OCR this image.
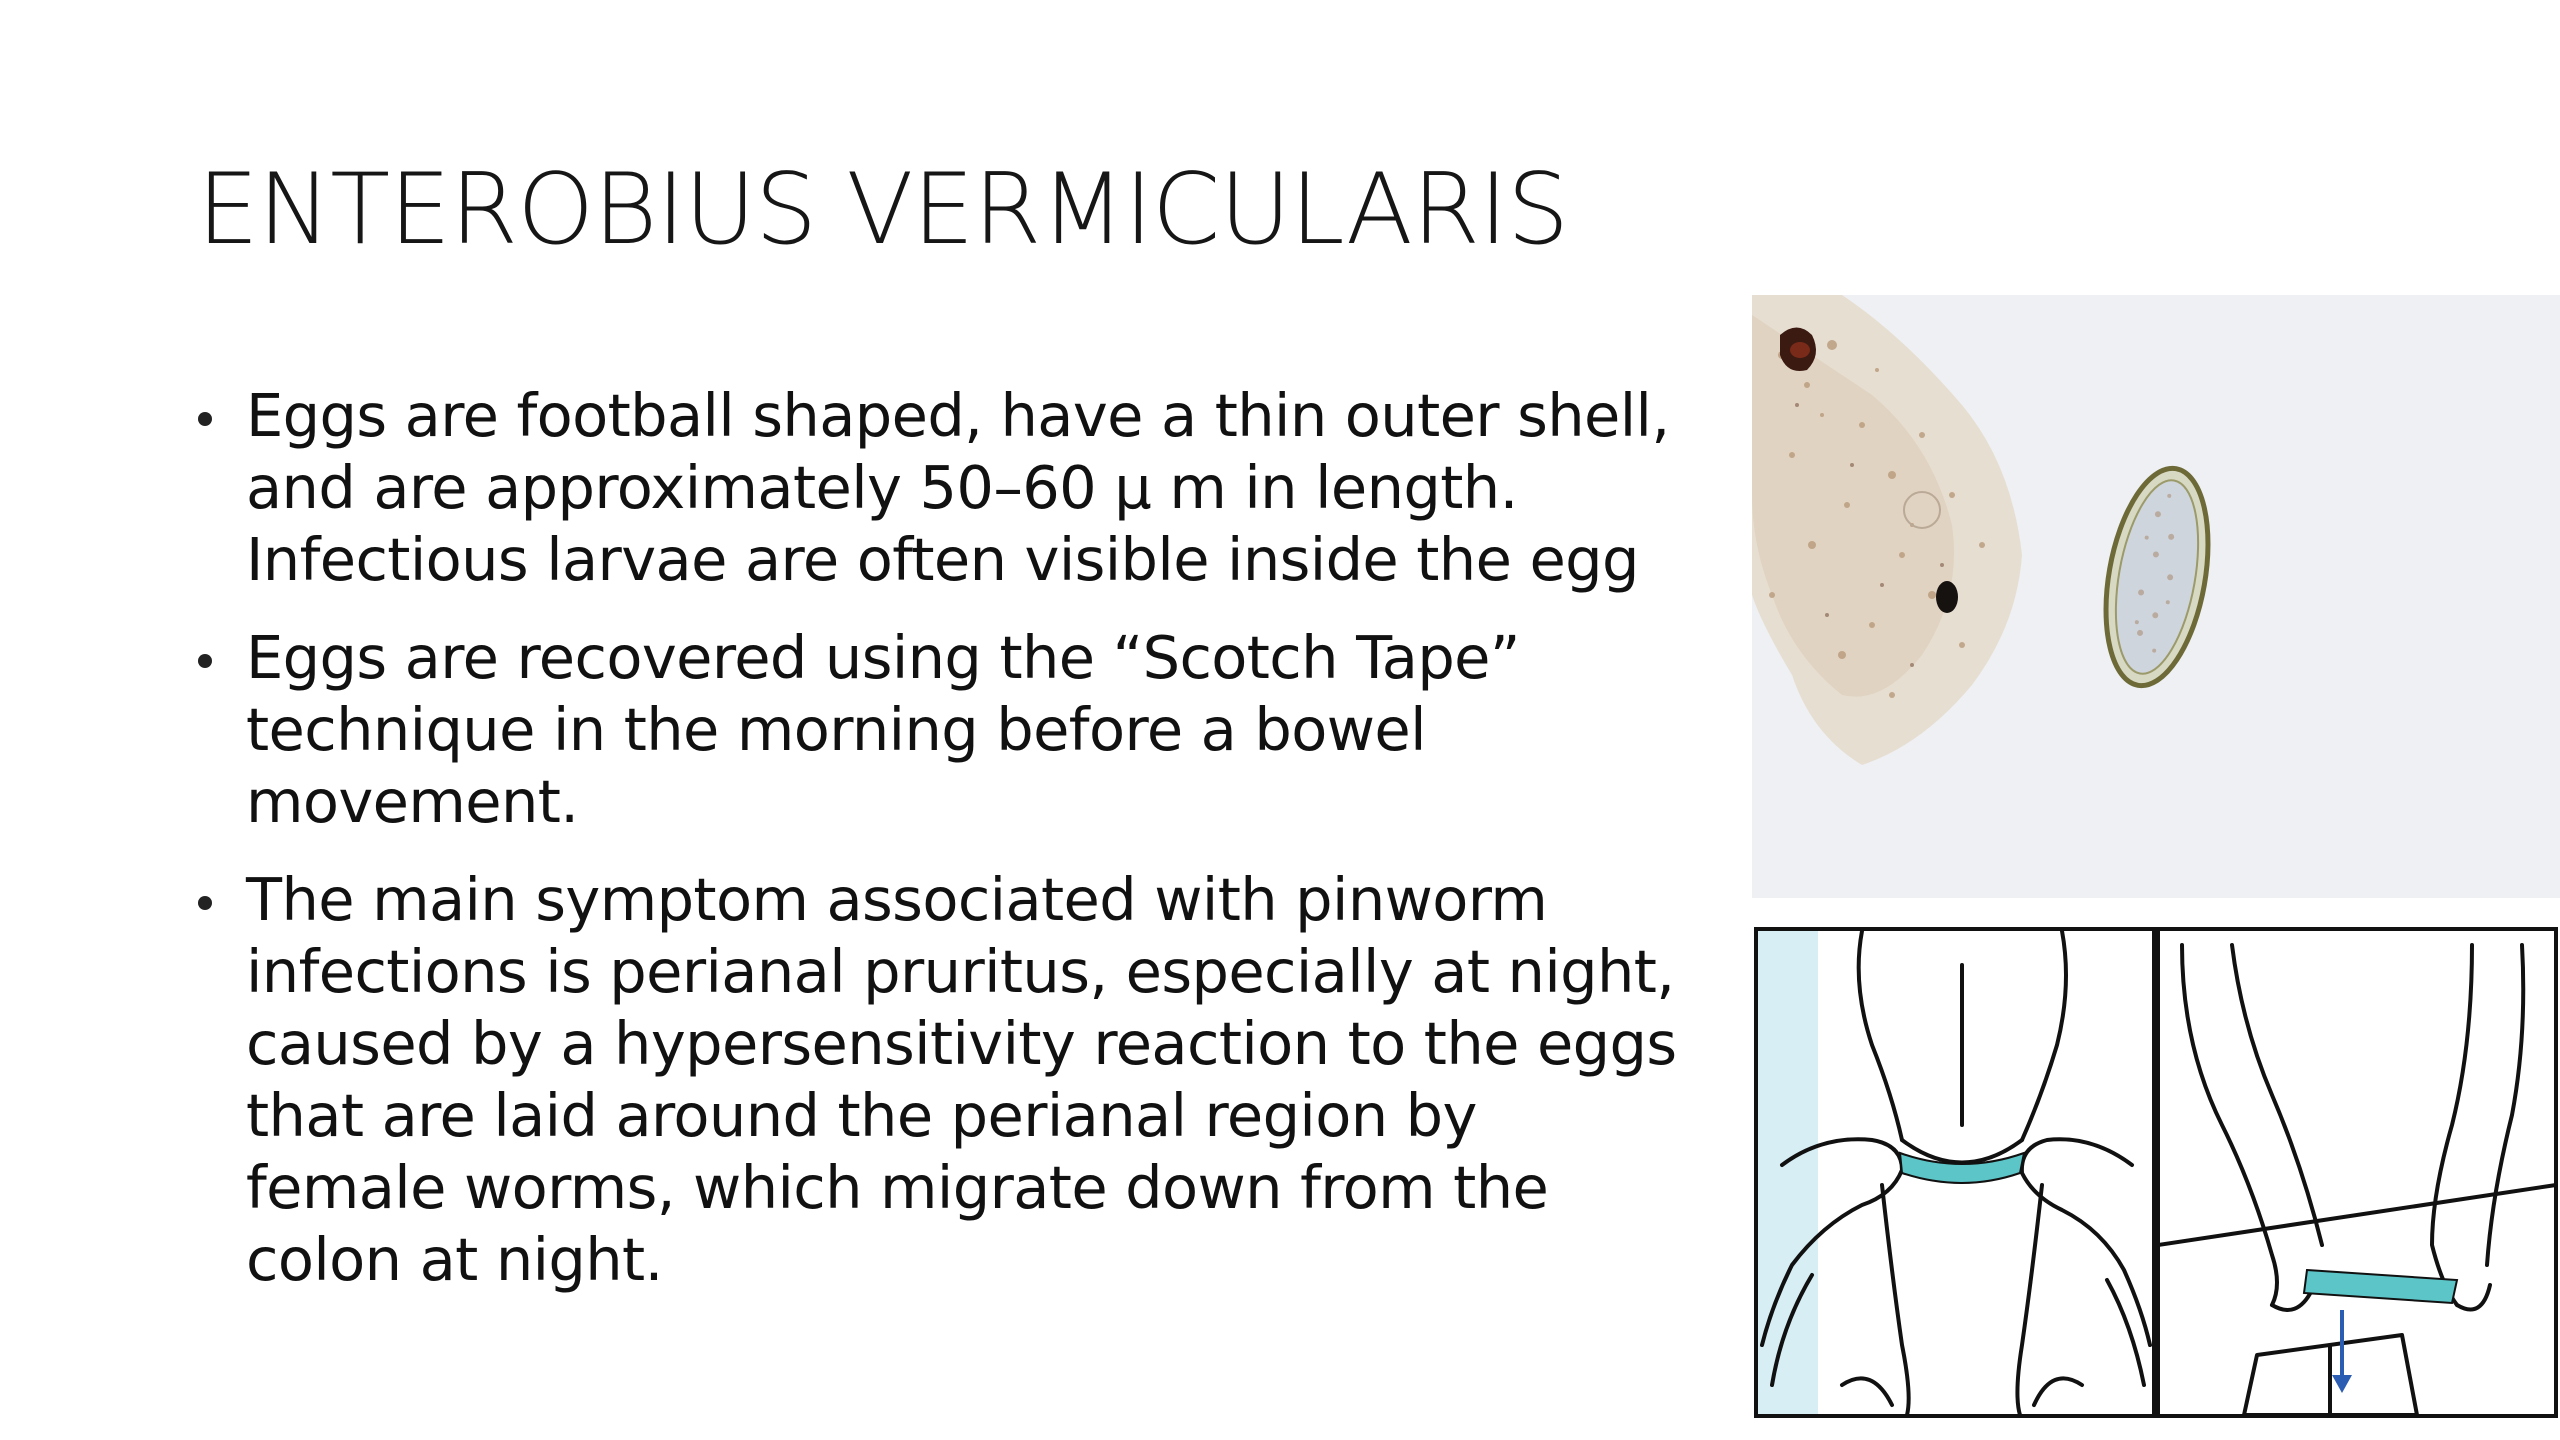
ENTEROBIUS VERMICULARIS
Eggs are football shaped, have a thin outer shell,
and are approximately 50–60 µ m in length.
Infectious larvae are often visible inside the egg
Eggs are recovered using the “Scotch Tape”
technique in the morning before a bowel
movement.
The main symptom associated with pinworm
infections is perianal pruritus, especially at night,
caused by a hypersensitivity reaction to the eggs
that are laid around the perianal region by
female worms, which migrate down from the
colon at night.
